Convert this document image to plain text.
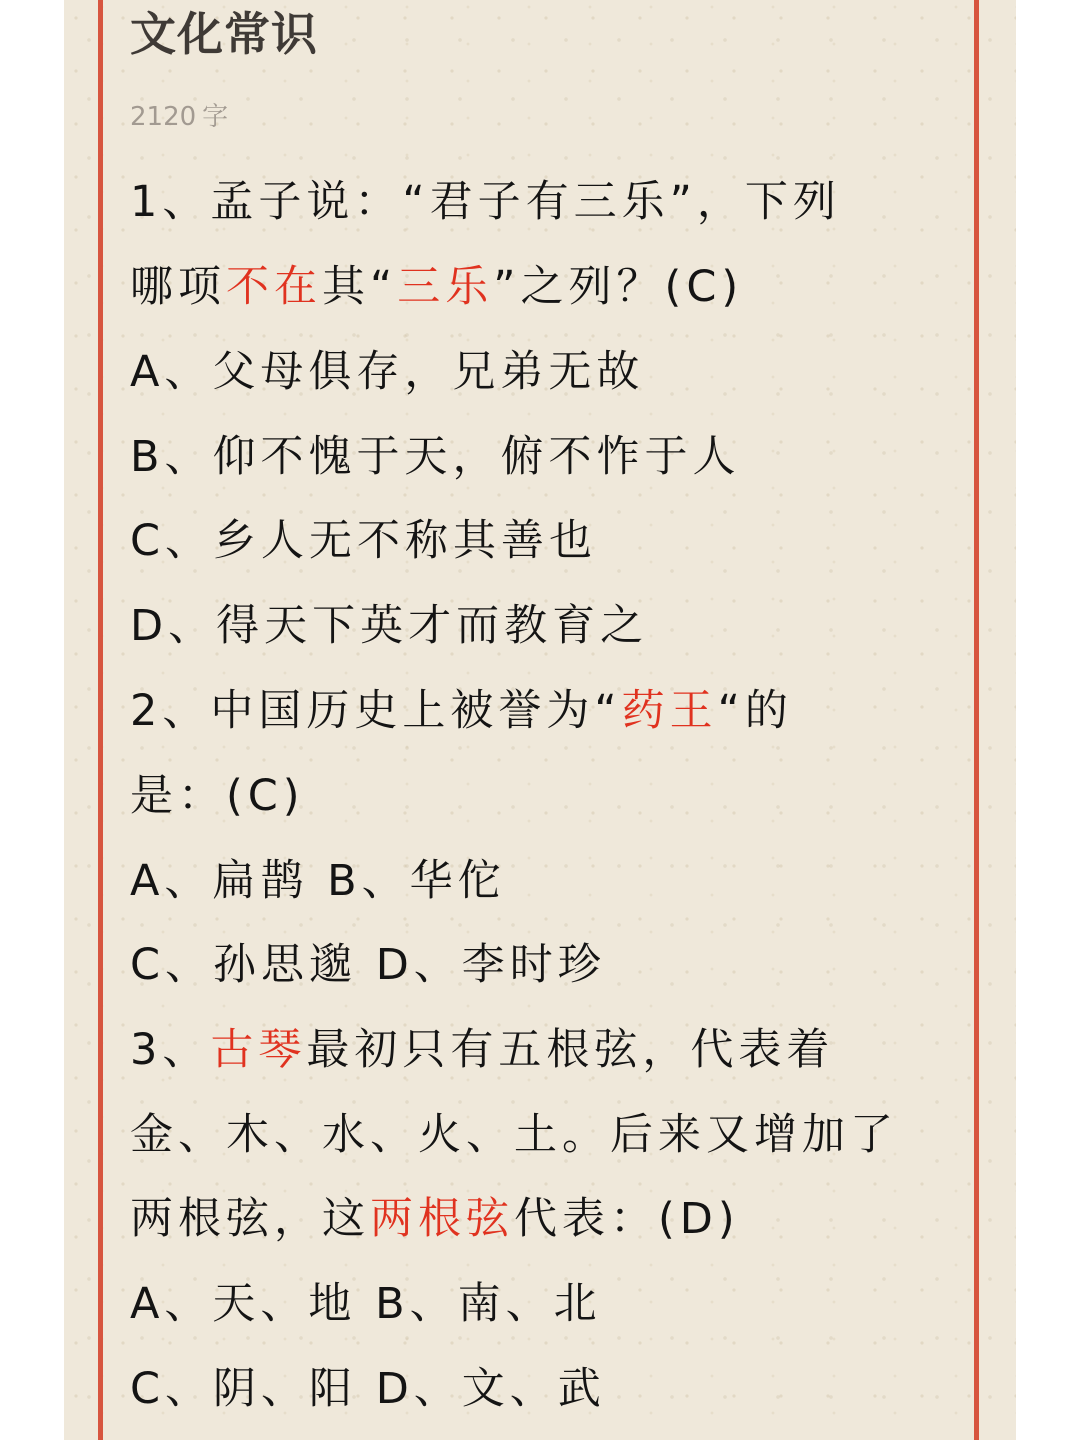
文化常识
2120 字
1、孟子说：“君子有三乐”，下列
哪项不在其“三乐”之列？(C)
A、父母俱存，兄弟无故
B、仰不愧于天，俯不怍于人
C、乡人无不称其善也
D、得天下英才而教育之
2、中国历史上被誉为“药王“的
是：(C)
A、扁鹊 B、华佗
C、孙思邈 D、李时珍
3、古琴最初只有五根弦，代表着
金、木、水、火、土。后来又增加了
两根弦，这两根弦代表：(D)
A、天、地 B、南、北
C、阴、阳 D、文、武
